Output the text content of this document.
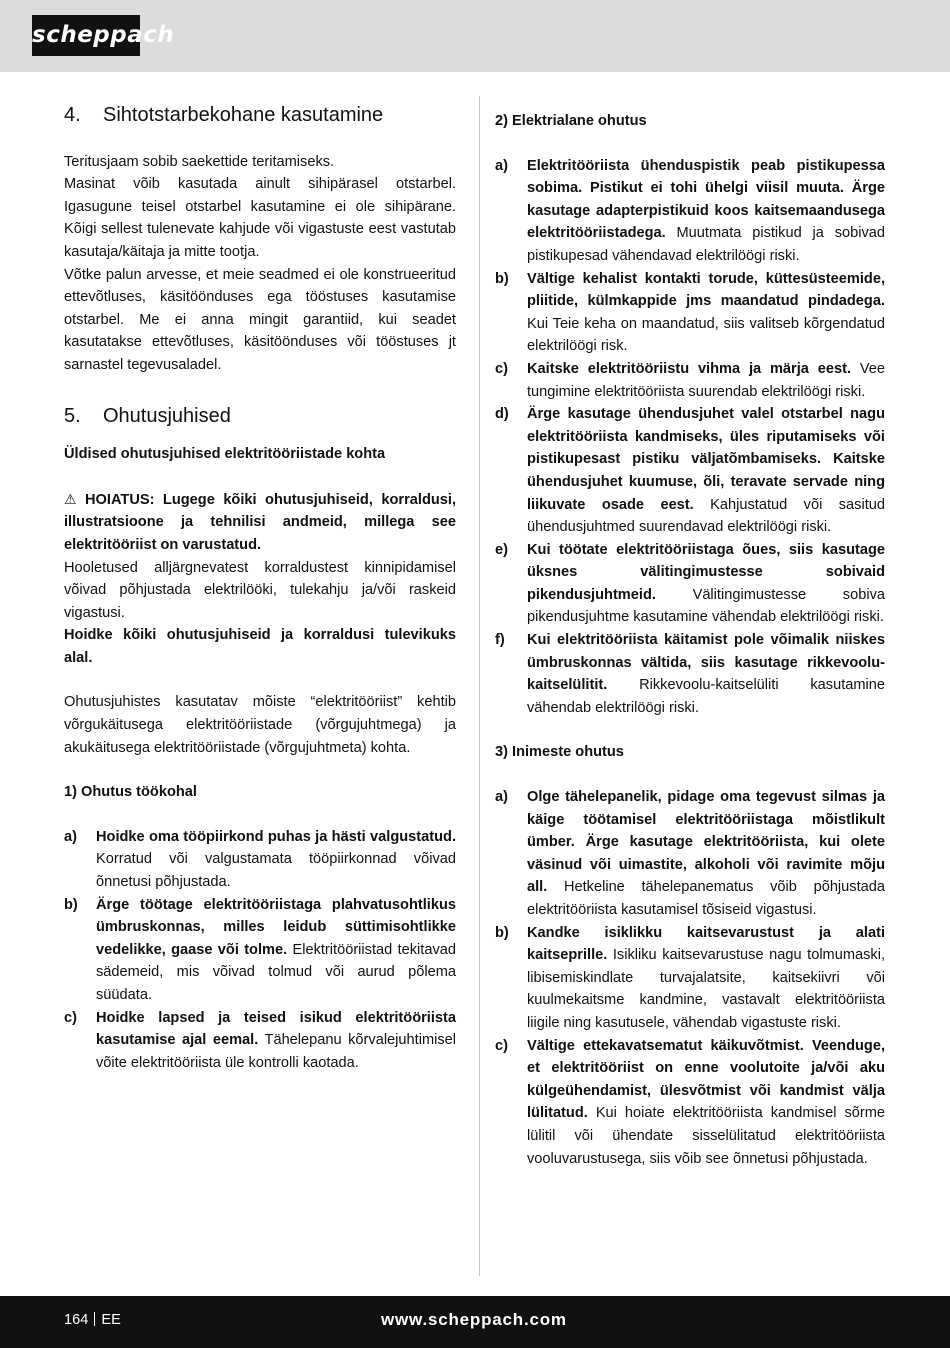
scheppach
4.	Sihtotstarbekohane kasutamine

Teritusjaam sobib saekettide teritamiseks.
Masinat võib kasutada ainult sihipärasel otstarbel. Igasugune teisel otstarbel kasutamine ei ole sihipärane. Kõigi sellest tulenevate kahjude või vigastuste eest vastutab kasutaja/käitaja ja mitte tootja.

Võtke palun arvesse, et meie seadmed ei ole konstrueeritud ettevõtluses, käsitöönduses ega tööstuses kasutamise otstarbel. Me ei anna mingit garantiid, kui seadet kasutatakse ettevõtluses, käsitöönduses või tööstuses jt sarnastel tegevusaladel.

5.	Ohutusjuhised

Üldised ohutusjuhised elektritööriistade kohta

⚠ HOIATUS: Lugege kõiki ohutusjuhiseid, korraldusi, illustratsioone ja tehnilisi andmeid, millega see elektritööriist on varustatud.

Hooletused alljärgnevatest korraldustest kinnipidamisel võivad põhjustada elektrilööki, tulekahju ja/või raskeid vigastusi.

Hoidke kõiki ohutusjuhiseid ja korraldusi tulevikuks alal.

Ohutusjuhistes kasutatav mõiste “elektritööriist” kehtib võrgukäitusega elektritööriistade (võrgujuhtmega) ja akukäitusega elektritööriistade (võrgujuhtmeta) kohta.

1) Ohutus töökohal

a)	Hoidke oma tööpiirkond puhas ja hästi valgustatud. Korratud või valgustamata tööpiirkonnad võivad õnnetusi põhjustada.
b)	Ärge töötage elektritööriistaga plahvatusohtlikus ümbruskonnas, milles leidub süttimisohtlikke vedelikke, gaase või tolme. Elektritööriistad tekitavad sädemeid, mis võivad tolmud või aurud põlema süüdata.
c)	Hoidke lapsed ja teised isikud elektritööriista kasutamise ajal eemal. Tähelepanu kõrvalejuhtimisel võite elektritööriista üle kontrolli kaotada.

2) Elektrialane ohutus

a)	Elektritööriista ühenduspistik peab pistikupessa sobima. Pistikut ei tohi ühelgi viisil muuta. Ärge kasutage adapterpistikuid koos kaitsemaandusega elektritööriistadega. Muutmata pistikud ja sobivad pistikupesad vähendavad elektrilöögi riski.
b)	Vältige kehalist kontakti torude, küttesüsteemide, pliitide, külmkappide jms maandatud pindadega. Kui Teie keha on maandatud, siis valitseb kõrgendatud elektrilöögi risk.
c)	Kaitske elektritööriistu vihma ja märja eest. Vee tungimine elektritööriista suurendab elektrilöögi riski.
d)	Ärge kasutage ühendusjuhet valel otstarbel nagu elektritööriista kandmiseks, üles riputamiseks või pistikupesast pistiku väljatõmbamiseks. Kaitske ühendusjuhet kuumuse, õli, teravate servade ning liikuvate osade eest. Kahjustatud või sasitud ühendusjuhtmed suurendavad elektrilöögi riski.
e)	Kui töötate elektritööriistaga õues, siis kasutage üksnes välitingimustesse sobivaid pikendusjuhtmeid. Välitingimustesse sobiva pikendusjuhtme kasutamine vähendab elektrilöögi riski.
f)	Kui elektritööriista käitamist pole võimalik niiskes ümbruskonnas vältida, siis kasutage rikkevoolu-kaitselülitit. Rikkevoolu-kaitselüliti kasutamine vähendab elektrilöögi riski.

3) Inimeste ohutus

a)	Olge tähelepanelik, pidage oma tegevust silmas ja käige töötamisel elektritööriistaga mõistlikult ümber. Ärge kasutage elektritööriista, kui olete väsinud või uimastite, alkoholi või ravimite mõju all. Hetkeline tähelepanematus võib põhjustada elektritööriista kasutamisel tõsiseid vigastusi.
b)	Kandke isiklikku kaitsevarustust ja alati kaitseprille. Isikliku kaitsevarustuse nagu tolmumaski, libisemiskindlate turvajalatsite, kaitsekiivri või kuulmekaitsme kandmine, vastavalt elektritööriista liigile ning kasutusele, vähendab vigastuste riski.
c)	Vältige ettekavatsematut käikuvõtmist. Veenduge, et elektritööriist on enne voolutoite ja/või aku külgeühendamist, ülesvõtmist või kandmist välja lülitatud. Kui hoiate elektritööriista kandmisel sõrme lülitil või ühendate sisselülitatud elektritööriista vooluvarustusega, siis võib see õnnetusi põhjustada.
164 EE	www.scheppach.com
